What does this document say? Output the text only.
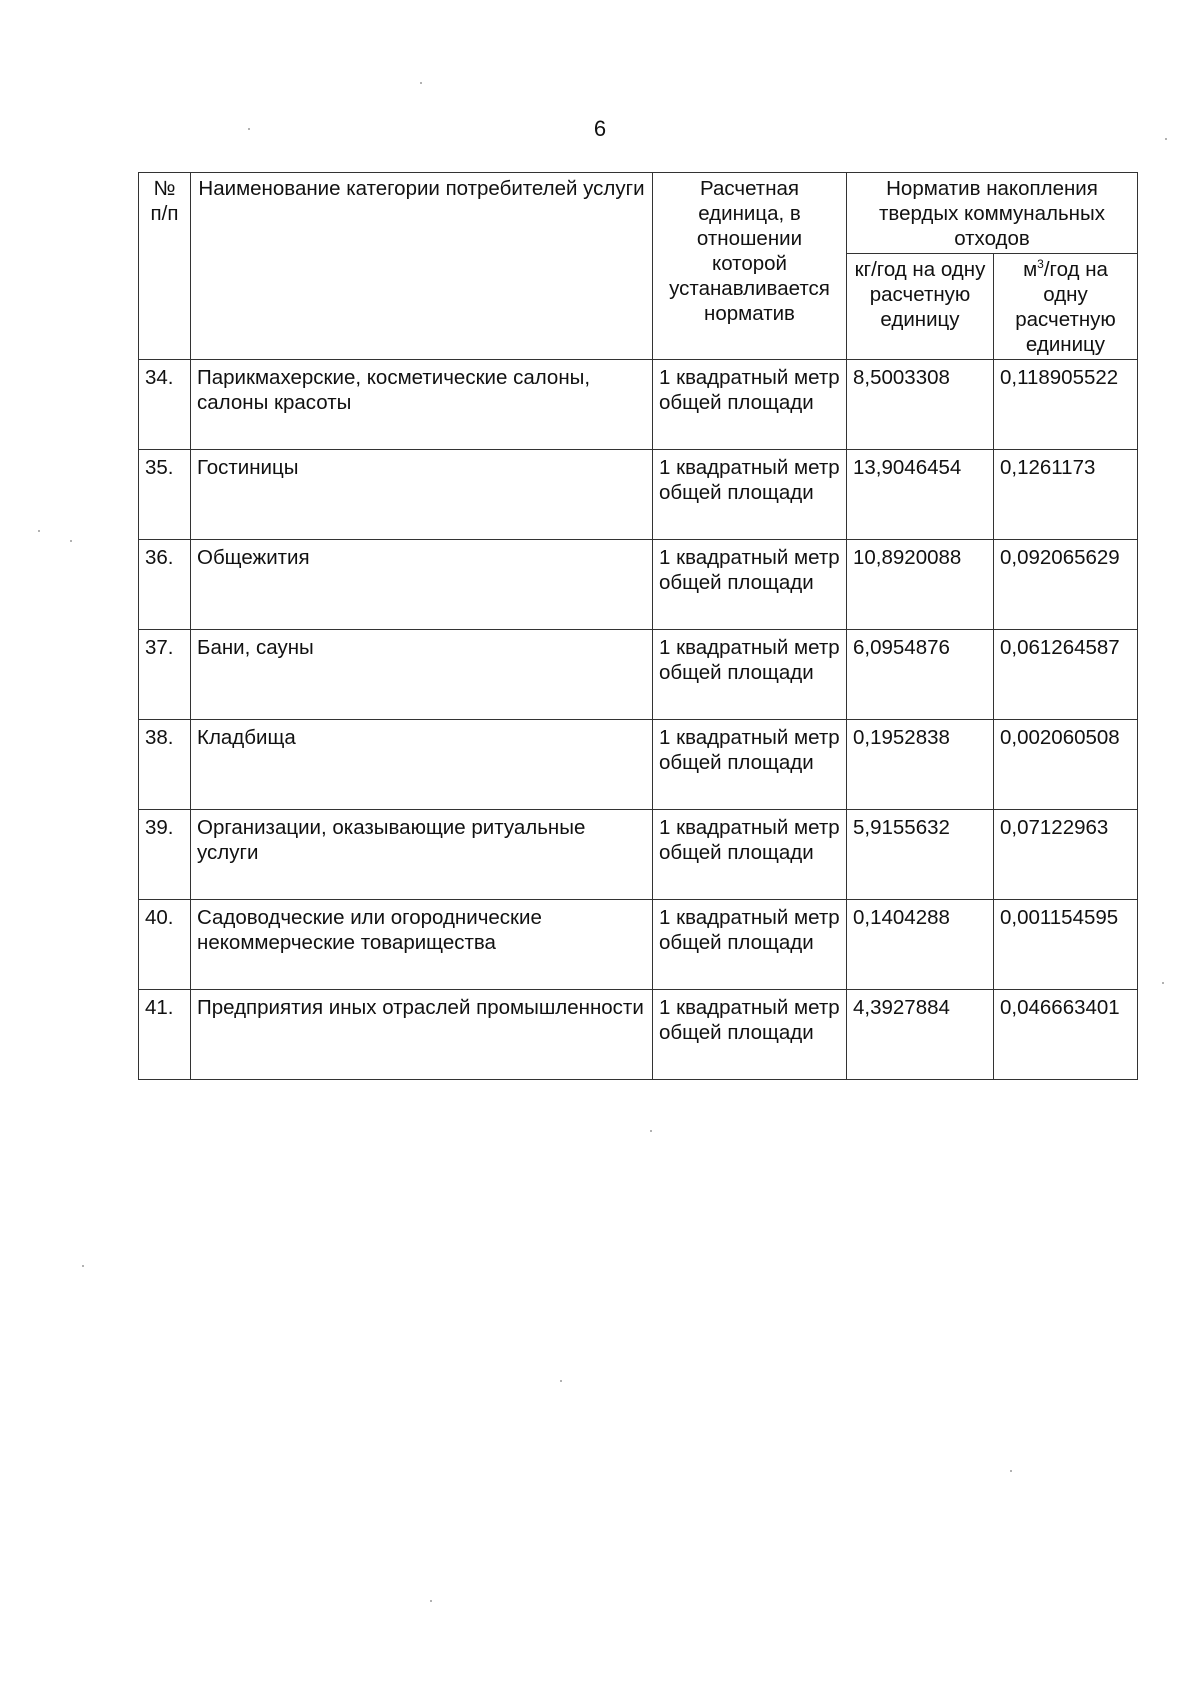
6
№ п/п	Наименование категории потребителей услуги	Расчетная единица, в отношении которой устанавливается норматив	Норматив накопления твердых коммунальных отходов	
			кг/год на одну расчетную единицу	$м^3$/год на одну расчетную единицу
34.	Парикмахерские, косметические салоны, салоны красоты	1 квадратный метр общей площади	8,5003308	0,118905522
35.	Гостиницы	1 квадратный метр общей площади	13,9046454	0,1261173
36.	Общежития	1 квадратный метр общей площади	10,8920088	0,092065629
37.	Бани, сауны	1 квадратный метр общей площади	6,0954876	0,061264587
38.	Кладбища	1 квадратный метр общей площади	0,1952838	0,002060508
39.	Организации, оказывающие ритуальные услуги	1 квадратный метр общей площади	5,9155632	0,07122963
40.	Садоводческие или огороднические некоммерческие товарищества	1 квадратный метр общей площади	0,1404288	0,001154595
41.	Предприятия иных отраслей промышленности	1 квадратный метр общей площади	4,3927884	0,046663401
